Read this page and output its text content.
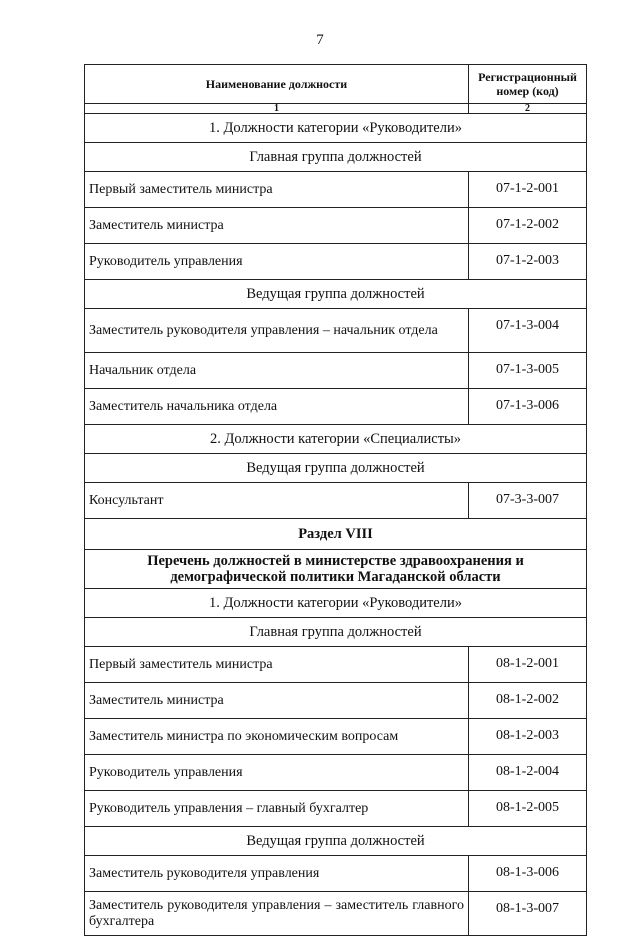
7
Наименование должности	Регистрационный номер (код)
1	2
1. Должности категории «Руководители»	
Главная группа должностей	
Первый заместитель министра	07-1-2-001
Заместитель министра	07-1-2-002
Руководитель управления	07-1-2-003
Ведущая группа должностей	
Заместитель руководителя управления – начальник отдела	07-1-3-004
Начальник отдела	07-1-3-005
Заместитель начальника отдела	07-1-3-006
2. Должности категории «Специалисты»	
Ведущая группа должностей	
Консультант	07-3-3-007
Раздел VIII	
Перечень должностей в министерстве здравоохранения и демографической политики Магаданской области	
1. Должности категории «Руководители»	
Главная группа должностей	
Первый заместитель министра	08-1-2-001
Заместитель министра	08-1-2-002
Заместитель министра по экономическим вопросам	08-1-2-003
Руководитель управления	08-1-2-004
Руководитель управления – главный бухгалтер	08-1-2-005
Ведущая группа должностей	
Заместитель руководителя управления	08-1-3-006
Заместитель руководителя управления – заместитель главного бухгалтера	08-1-3-007
